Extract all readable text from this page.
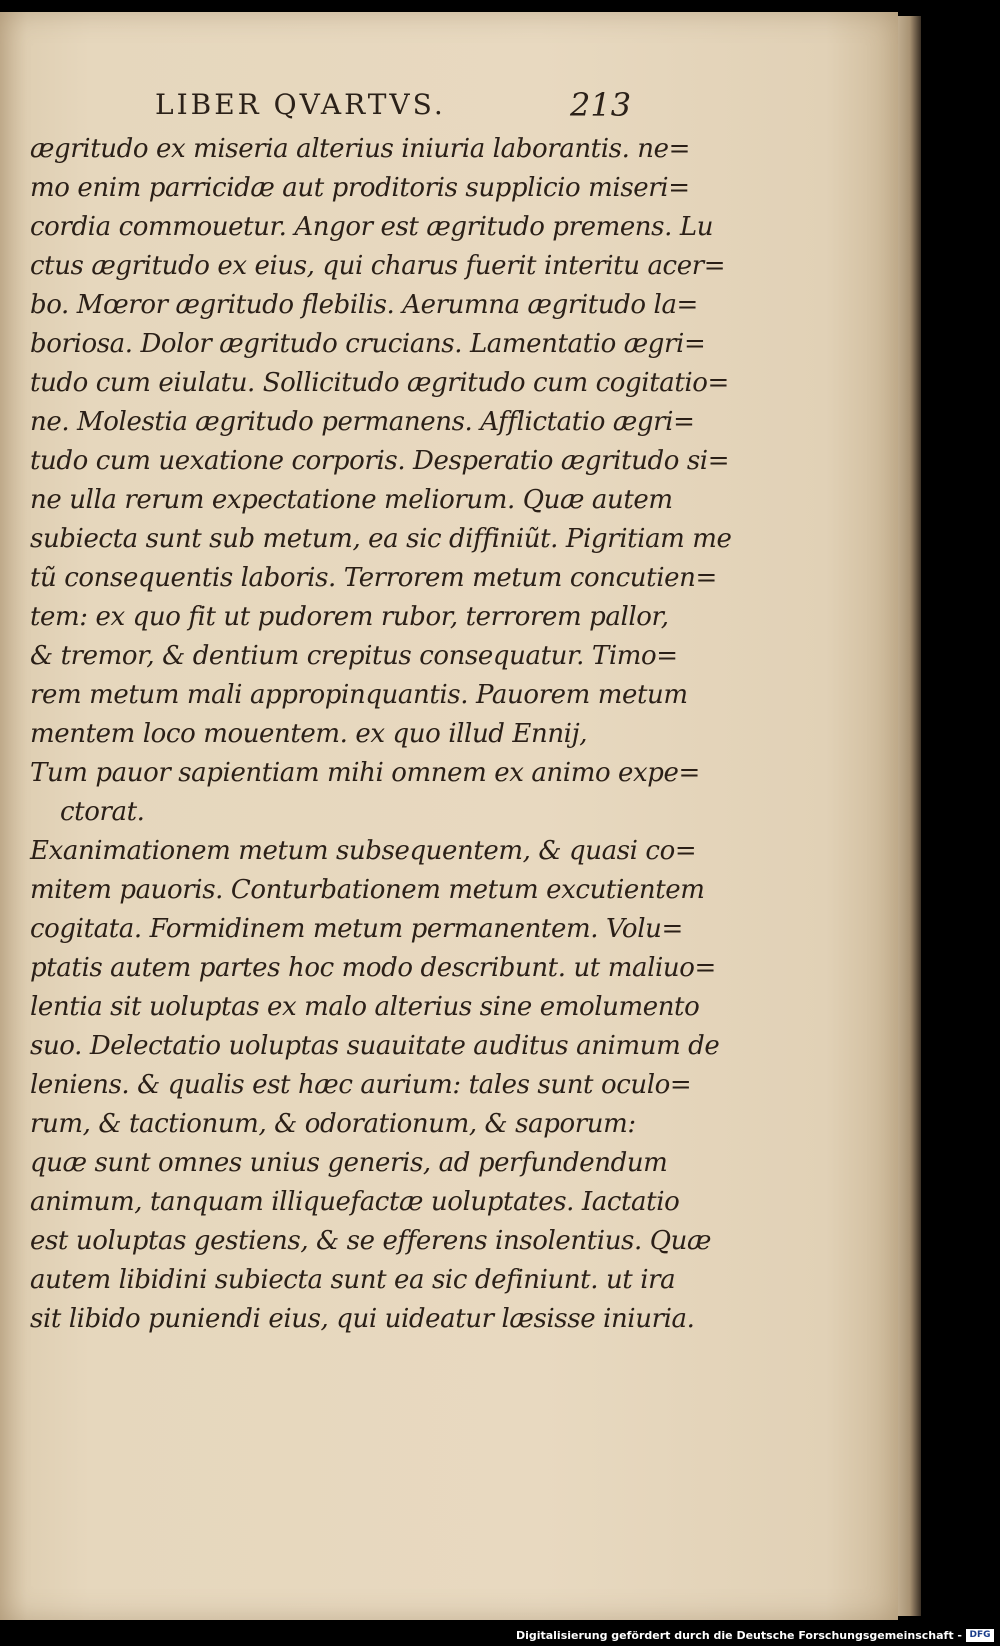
LIBER QVARTVS.	213
ægritudo ex miseria alterius iniuria laborantis. ne=
mo enim parricidæ aut proditoris supplicio miseri=
cordia commouetur. Angor est ægritudo premens. Lu
ctus ægritudo ex eius, qui charus fuerit interitu acer=
bo. Mœror ægritudo flebilis. Aerumna ægritudo la=
boriosa. Dolor ægritudo crucians. Lamentatio ægri=
tudo cum eiulatu. Sollicitudo ægritudo cum cogitatio=
ne. Molestia ægritudo permanens. Afflictatio ægri=
tudo cum uexatione corporis. Desperatio ægritudo si=
ne ulla rerum expectatione meliorum. Quæ autem
subiecta sunt sub metum, ea sic diffiniũt. Pigritiam me
tũ consequentis laboris. Terrorem metum concutien=
tem: ex quo fit ut pudorem rubor, terrorem pallor,
& tremor, & dentium crepitus consequatur. Timo=
rem metum mali appropinquantis. Pauorem metum
mentem loco mouentem. ex quo illud Ennij,
Tum pauor sapientiam mihi omnem ex animo expe=
ctorat.
Exanimationem metum subsequentem, & quasi co=
mitem pauoris. Conturbationem metum excutientem
cogitata. Formidinem metum permanentem. Volu=
ptatis autem partes hoc modo describunt. ut maliuo=
lentia sit uoluptas ex malo alterius sine emolumento
suo. Delectatio uoluptas suauitate auditus animum de
leniens. & qualis est hæc aurium: tales sunt oculo=
rum, & tactionum, & odorationum, & saporum:
quæ sunt omnes unius generis, ad perfundendum
animum, tanquam illiquefactæ uoluptates. Iactatio
est uoluptas gestiens, & se efferens insolentius. Quæ
autem libidini subiecta sunt ea sic definiunt. ut ira
sit libido puniendi eius, qui uideatur læsisse iniuria.
Digitalisierung gefördert durch die Deutsche Forschungsgemeinschaft - DFG
